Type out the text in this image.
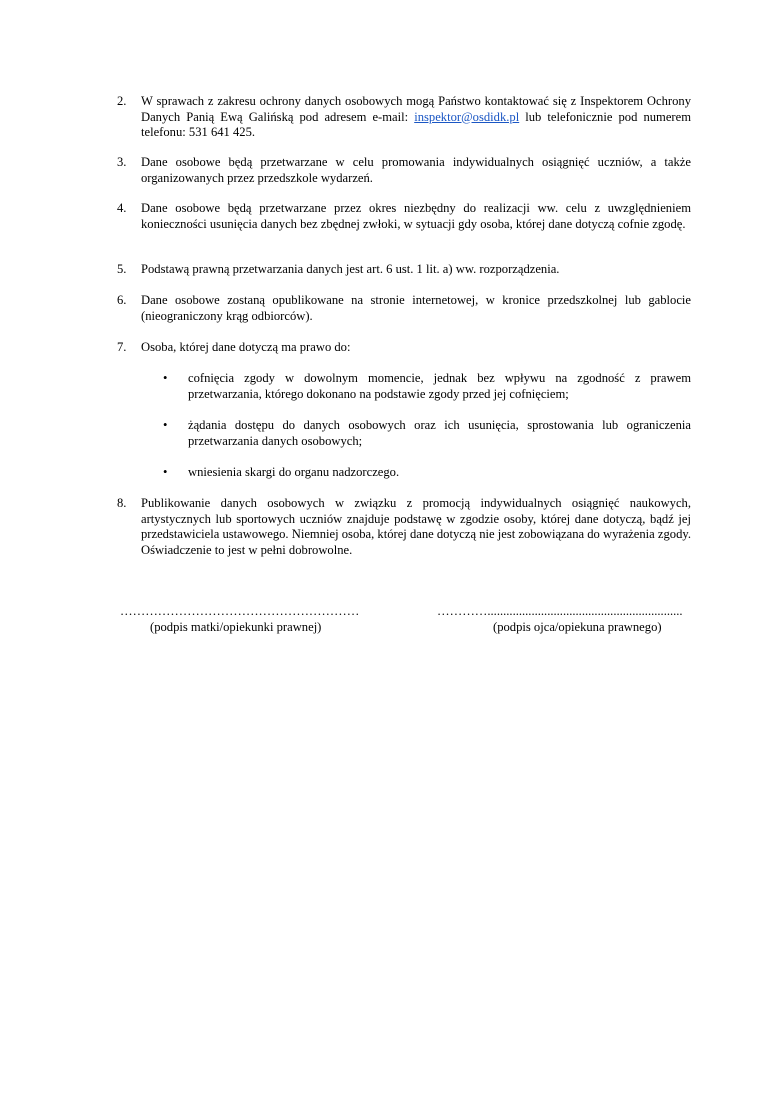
2.	W sprawach z zakresu ochrony danych osobowych mogą Państwo kontaktować się z Inspektorem Ochrony Danych Panią Ewą Galińską pod adresem e-mail: inspektor@osdidk.pl lub telefonicznie pod numerem telefonu: 531 641 425.
3.	Dane osobowe będą przetwarzane w celu promowania indywidualnych osiągnięć uczniów, a także organizowanych przez przedszkole wydarzeń.
4.	Dane osobowe będą przetwarzane przez okres niezbędny do realizacji ww. celu z uwzględnieniem konieczności usunięcia danych bez zbędnej zwłoki, w sytuacji gdy osoba, której dane dotyczą cofnie zgodę.
5.	Podstawą prawną przetwarzania danych jest art. 6 ust. 1 lit. a) ww. rozporządzenia.
6.	Dane osobowe zostaną opublikowane na stronie internetowej, w kronice przedszkolnej lub gablocie (nieograniczony krąg odbiorców).
7.	Osoba, której dane dotyczą ma prawo do:
•	cofnięcia zgody w dowolnym momencie, jednak bez wpływu na zgodność z prawem przetwarzania, którego dokonano na podstawie zgody przed jej cofnięciem;
•	żądania dostępu do danych osobowych oraz ich usunięcia, sprostowania lub ograniczenia przetwarzania danych osobowych;
•	wniesienia skargi do organu nadzorczego.
8.	Publikowanie danych osobowych w związku z promocją indywidualnych osiągnięć naukowych, artystycznych lub sportowych uczniów znajduje podstawę w zgodzie osoby, której dane dotyczą, bądź jej przedstawiciela ustawowego. Niemniej osoba, której dane dotyczą nie jest zobowiązana do wyrażenia zgody. Oświadczenie to jest w pełni dobrowolne.
…………………………………………………
(podpis matki/opiekunki prawnej)
…………..............................................................
(podpis ojca/opiekuna prawnego)
